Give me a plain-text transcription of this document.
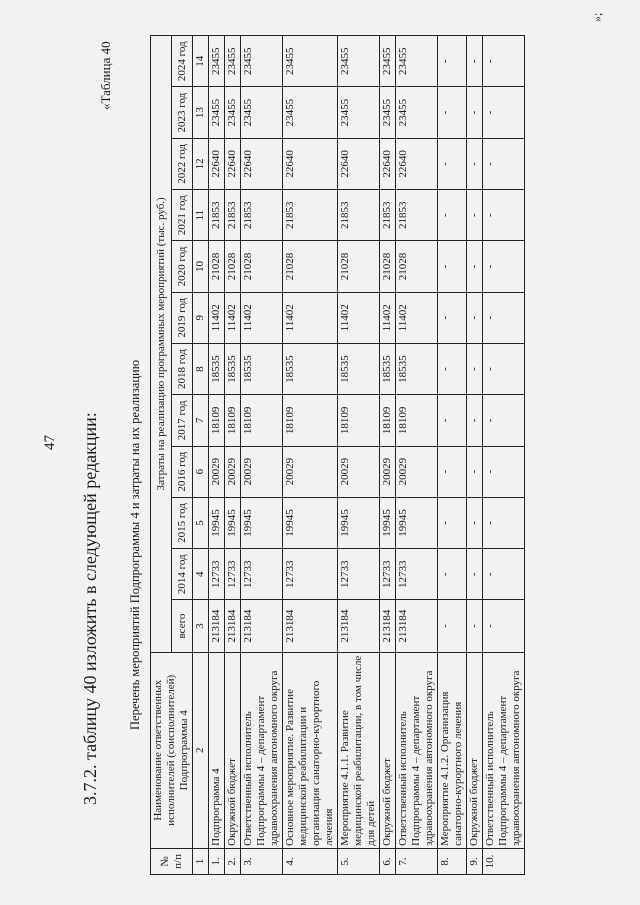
47 3.7.2. таблицу 40 изложить в следующей редакции:
«Таблица 40
Перечень мероприятий Подпрограммы 4 и затраты на их реализацию
№ п/п	Наименование ответственных исполнителей (соисполнителей) Подпрограммы 4	Затраты на реализацию программных мероприятий (тыс. руб.)											
		всего	2014 год	2015 год	2016 год	2017 год	2018 год	2019 год	2020 год	2021 год	2022 год	2023 год	2024 год
1	2	3	4	5	6	7	8	9	10	11	12	13	14
1.	Подпрограмма 4	213184	12733	19945	20029	18109	18535	11402	21028	21853	22640	23455	23455
2.	Окружной бюджет	213184	12733	19945	20029	18109	18535	11402	21028	21853	22640	23455	23455
3.	Ответственный исполнитель Подпрограммы 4 – департамент здравоохранения автономного округа	213184	12733	19945	20029	18109	18535	11402	21028	21853	22640	23455	23455
4.	Основное мероприятие. Развитие медицинской реабилитации и организация санаторно-курортного лечения	213184	12733	19945	20029	18109	18535	11402	21028	21853	22640	23455	23455
5.	Мероприятие 4.1.1. Развитие медицинской реабилитации, в том числе для детей	213184	12733	19945	20029	18109	18535	11402	21028	21853	22640	23455	23455
6.	Окружной бюджет	213184	12733	19945	20029	18109	18535	11402	21028	21853	22640	23455	23455
7.	Ответственный исполнитель Подпрограммы 4 – департамент здравоохранения автономного округа	213184	12733	19945	20029	18109	18535	11402	21028	21853	22640	23455	23455
8.	Мероприятие 4.1.2. Организация санаторно-курортного лечения	-	-	-	-	-	-	-	-	-	-	-	-
9.	Окружной бюджет	-	-	-	-	-	-	-	-	-	-	-	-
10.	Ответственный исполнитель Подпрограммы 4 – департамент здравоохранения автономного округа	-	-	-	-	-	-	-	-	-	-	-	-
»;
